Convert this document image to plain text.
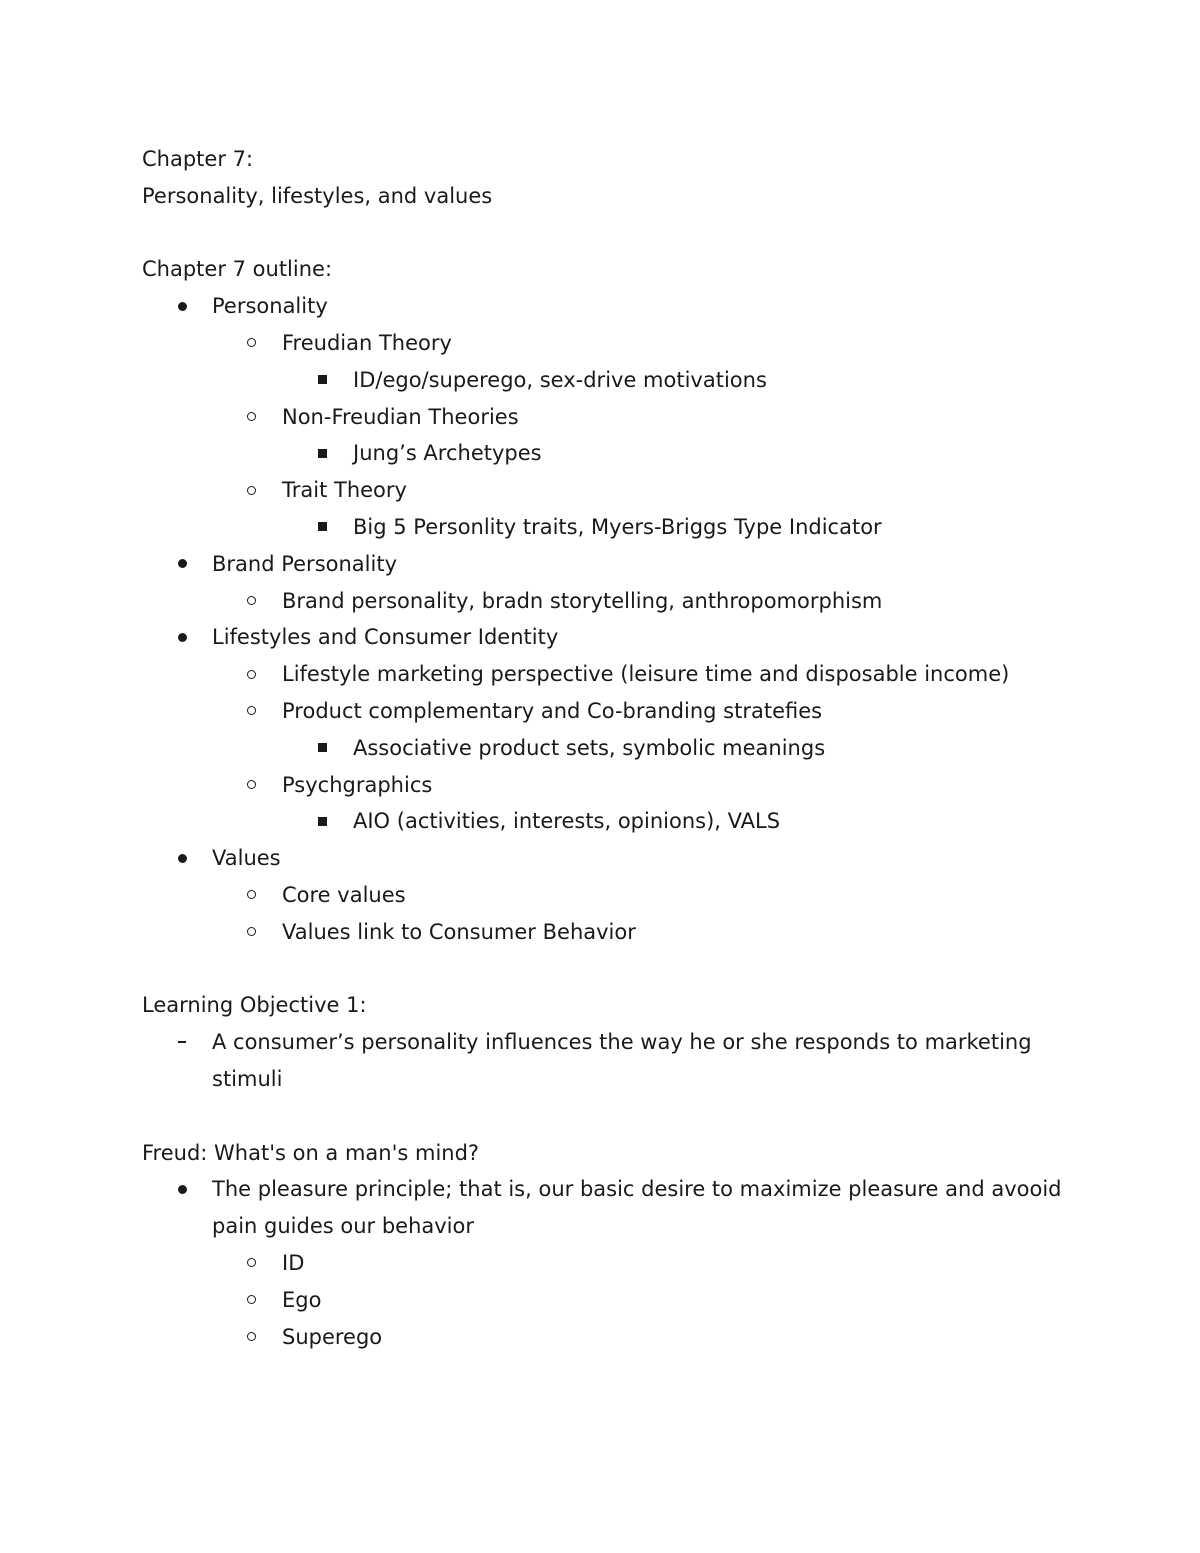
Chapter 7:
Personality, lifestyles, and values
Chapter 7 outline:
Personality
Freudian Theory
ID/ego/superego, sex-drive motivations
Non-Freudian Theories
Jung’s Archetypes
Trait Theory
Big 5 Personlity traits, Myers-Briggs Type Indicator
Brand Personality
Brand personality, bradn storytelling, anthropomorphism
Lifestyles and Consumer Identity
Lifestyle marketing perspective (leisure time and disposable income)
Product complementary and Co-branding stratefies
Associative product sets, symbolic meanings
Psychgraphics
AIO (activities, interests, opinions), VALS
Values
Core values
Values link to Consumer Behavior
Learning Objective 1:
A consumer’s personality influences the way he or she responds to marketing
stimuli
Freud: What's on a man's mind?
The pleasure principle; that is, our basic desire to maximize pleasure and avooid
pain guides our behavior
ID
Ego
Superego
